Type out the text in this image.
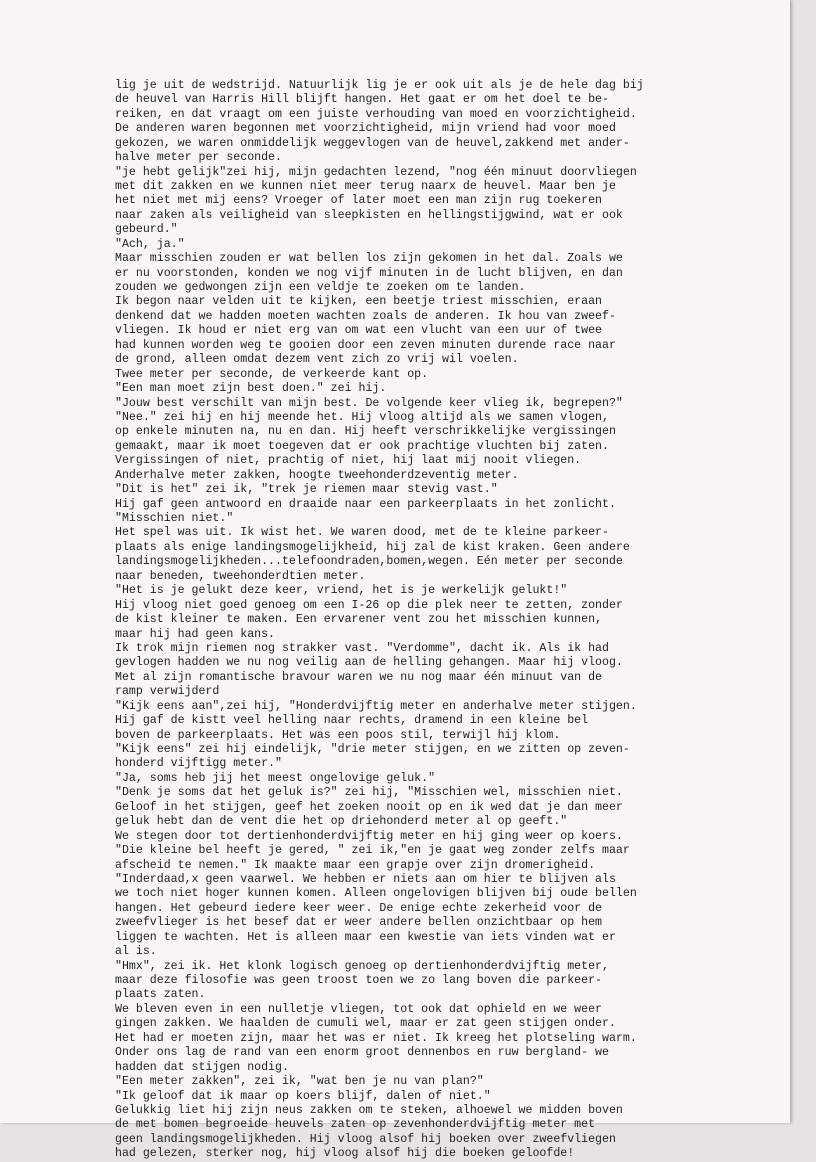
lig je uit de wedstrijd. Natuurlijk lig je er ook uit als je de hele dag bij
de heuvel van Harris Hill blijft hangen. Het gaat er om het doel te be-
reiken, en dat vraagt om een juiste verhouding van moed en voorzichtigheid.
De anderen waren begonnen met voorzichtigheid, mijn vriend had voor moed
gekozen, we waren onmiddelijk weggevlogen van de heuvel,zakkend met ander-
halve meter per seconde.
"je hebt gelijk"zei hij, mijn gedachten lezend, "nog één minuut doorvliegen
met dit zakken en we kunnen niet meer terug naarx de heuvel. Maar ben je
het niet met mij eens? Vroeger of later moet een man zijn rug toekeren
naar zaken als veiligheid van sleepkisten en hellingstijgwind, wat er ook
gebeurd."
"Ach, ja."
Maar misschien zouden er wat bellen los zijn gekomen in het dal. Zoals we
er nu voorstonden, konden we nog vijf minuten in de lucht blijven, en dan
zouden we gedwongen zijn een veldje te zoeken om te landen.
Ik begon naar velden uit te kijken, een beetje triest misschien, eraan
denkend dat we hadden moeten wachten zoals de anderen. Ik hou van zweef-
vliegen. Ik houd er niet erg van om wat een vlucht van een uur of twee
had kunnen worden weg te gooien door een zeven minuten durende race naar
de grond, alleen omdat dezem vent zich zo vrij wil voelen.
Twee meter per seconde, de verkeerde kant op.
"Een man moet zijn best doen." zei hij.
"Jouw best verschilt van mijn best. De volgende keer vlieg ik, begrepen?"
"Nee." zei hij en hij meende het. Hij vloog altijd als we samen vlogen,
op enkele minuten na, nu en dan. Hij heeft verschrikkelijke vergissingen
gemaakt, maar ik moet toegeven dat er ook prachtige vluchten bij zaten.
Vergissingen of niet, prachtig of niet, hij laat mij nooit vliegen.
Anderhalve meter zakken, hoogte tweehonderdzeventig meter.
"Dit is het" zei ik, "trek je riemen maar stevig vast."
Hij gaf geen antwoord en draaide naar een parkeerplaats in het zonlicht.
"Misschien niet."
Het spel was uit. Ik wist het. We waren dood, met de te kleine parkeer-
plaats als enige landingsmogelijkheid, hij zal de kist kraken. Geen andere
landingsmogelijkheden...telefoondraden,bomen,wegen. Eén meter per seconde
naar beneden, tweehonderdtien meter.
"Het is je gelukt deze keer, vriend, het is je werkelijk gelukt!"
Hij vloog niet goed genoeg om een I-26 op die plek neer te zetten, zonder
de kist kleiner te maken. Een ervarener vent zou het misschien kunnen,
maar hij had geen kans.
Ik trok mijn riemen nog strakker vast. "Verdomme", dacht ik. Als ik had
gevlogen hadden we nu nog veilig aan de helling gehangen. Maar hij vloog.
Met al zijn romantische bravour waren we nu nog maar één minuut van de
ramp verwijderd
"Kijk eens aan",zei hij, "Honderdvijftig meter en anderhalve meter stijgen.
Hij gaf de kistt veel helling naar rechts, dramend in een kleine bel
boven de parkeerplaats. Het was een poos stil, terwijl hij klom.
"Kijk eens" zei hij eindelijk, "drie meter stijgen, en we zitten op zeven-
honderd vijftigg meter."
"Ja, soms heb jij het meest ongelovige geluk."
"Denk je soms dat het geluk is?" zei hij, "Misschien wel, misschien niet.
Geloof in het stijgen, geef het zoeken nooit op en ik wed dat je dan meer
geluk hebt dan de vent die het op driehonderd meter al op geeft."
We stegen door tot dertienhonderdvijftig meter en hij ging weer op koers.
"Die kleine bel heeft je gered, " zei ik,"en je gaat weg zonder zelfs maar
afscheid te nemen." Ik maakte maar een grapje over zijn dromerigheid.
"Inderdaad,x geen vaarwel. We hebben er niets aan om hier te blijven als
we toch niet hoger kunnen komen. Alleen ongelovigen blijven bij oude bellen
hangen. Het gebeurd iedere keer weer. De enige echte zekerheid voor de
zweefvlieger is het besef dat er weer andere bellen onzichtbaar op hem
liggen te wachten. Het is alleen maar een kwestie van iets vinden wat er
al is.
"Hmx", zei ik. Het klonk logisch genoeg op dertienhonderdvijftig meter,
maar deze filosofie was geen troost toen we zo lang boven die parkeer-
plaats zaten.
We bleven even in een nulletje vliegen, tot ook dat ophield en we weer
gingen zakken. We haalden de cumuli wel, maar er zat geen stijgen onder.
Het had er moeten zijn, maar het was er niet. Ik kreeg het plotseling warm.
Onder ons lag de rand van een enorm groot dennenbos en ruw bergland- we
hadden dat stijgen nodig.
"Een meter zakken", zei ik, "wat ben je nu van plan?"
"Ik geloof dat ik maar op koers blijf, dalen of niet."
Gelukkig liet hij zijn neus zakken om te steken, alhoewel we midden boven
de met bomen begroeide heuvels zaten op zevenhonderdvijftig meter met
geen landingsmogelijkheden. Hij vloog alsof hij boeken over zweefvliegen
had gelezen, sterker nog, hij vloog alsof hij die boeken geloofde!
